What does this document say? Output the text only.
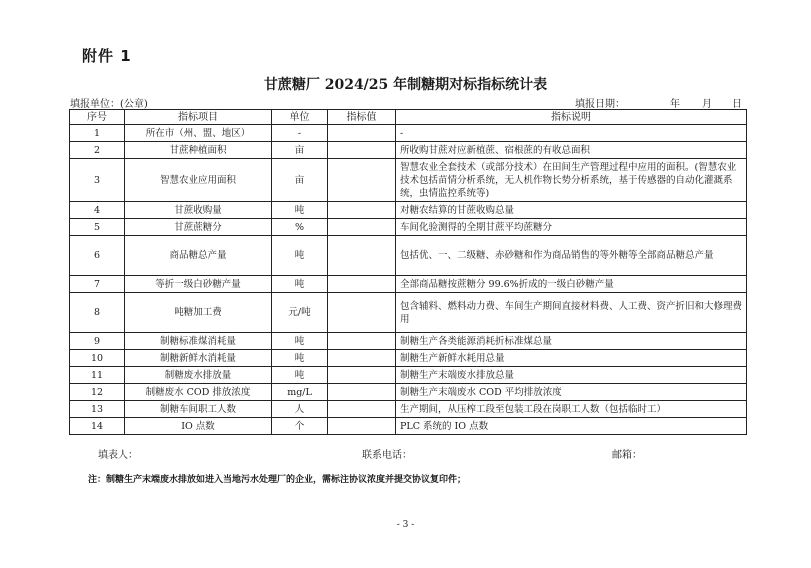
附件 1
甘蔗糖厂 2024/25 年制糖期对标指标统计表
填报单位：(公章)	填报日期：	年 月 日
序号	指标项目	单位	指标值	指标说明
1	所在市（州、盟、地区）	-		-
2	甘蔗种植面积	亩		所收购甘蔗对应新植蔗、宿根蔗的有收总面积
3	智慧农业应用面积	亩		智慧农业全套技术（或部分技术）在田间生产管理过程中应用的面积。(智慧农业技术包括苗情分析系统，无人机作物长势分析系统，基于传感器的自动化灌溉系统，虫情监控系统等)
4	甘蔗收购量	吨		对糖农结算的甘蔗收购总量
5	甘蔗蔗糖分	%		车间化验测得的全期甘蔗平均蔗糖分
6	商品糖总产量	吨		包括优、一、二级糖、赤砂糖和作为商品销售的等外糖等全部商品糖总产量
7	等折一级白砂糖产量	吨		全部商品糖按蔗糖分 99.6%折成的一级白砂糖产量
8	吨糖加工费	元/吨		包含辅料、燃料动力费、车间生产期间直接材料费、人工费、资产折旧和大修理费用
9	制糖标准煤消耗量	吨		制糖生产各类能源消耗折标准煤总量
10	制糖新鲜水消耗量	吨		制糖生产新鲜水耗用总量
11	制糖废水排放量	吨		制糖生产末端废水排放总量
12	制糖废水 COD 排放浓度	mg/L		制糖生产末端废水 COD 平均排放浓度
13	制糖车间职工人数	人		生产期间，从压榨工段至包装工段在岗职工人数（包括临时工）
14	IO 点数	个		PLC 系统的 IO 点数
填表人：	联系电话：	邮箱：
注：制糖生产末端废水排放如进入当地污水处理厂的企业，需标注协议浓度并提交协议复印件；
- 3 -
